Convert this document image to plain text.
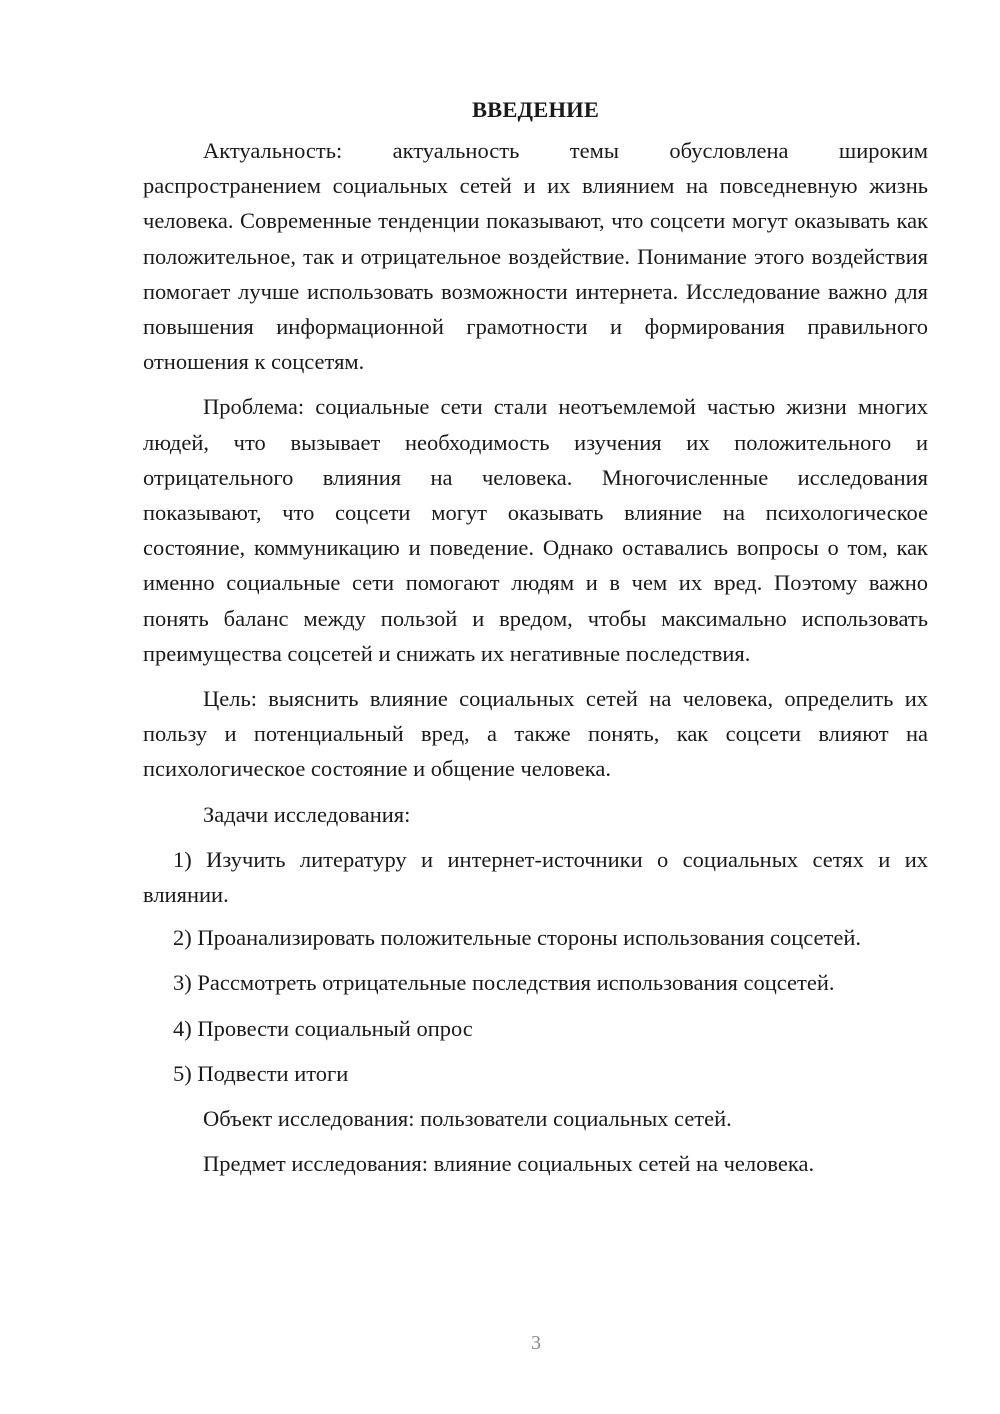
ВВЕДЕНИЕ

Актуальность: актуальность темы обусловлена широким распространением социальных сетей и их влиянием на повседневную жизнь человека. Современные тенденции показывают, что соцсети могут оказывать как положительное, так и отрицательное воздействие. Понимание этого воздействия помогает лучше использовать возможности интернета. Исследование важно для повышения информационной грамотности и формирования правильного отношения к соцсетям.

Проблема: социальные сети стали неотъемлемой частью жизни многих людей, что вызывает необходимость изучения их положительного и отрицательного влияния на человека. Многочисленные исследования показывают, что соцсети могут оказывать влияние на психологическое состояние, коммуникацию и поведение. Однако оставались вопросы о том, как именно социальные сети помогают людям и в чем их вред. Поэтому важно понять баланс между пользой и вредом, чтобы максимально использовать преимущества соцсетей и снижать их негативные последствия.

Цель: выяснить влияние социальных сетей на человека, определить их пользу и потенциальный вред, а также понять, как соцсети влияют на психологическое состояние и общение человека.

Задачи исследования:

1) Изучить литературу и интернет-источники о социальных сетях и их влиянии.

2) Проанализировать положительные стороны использования соцсетей.

3) Рассмотреть отрицательные последствия использования соцсетей.

4) Провести социальный опрос

5) Подвести итоги

Объект исследования: пользователи социальных сетей.

Предмет исследования: влияние социальных сетей на человека.

3
